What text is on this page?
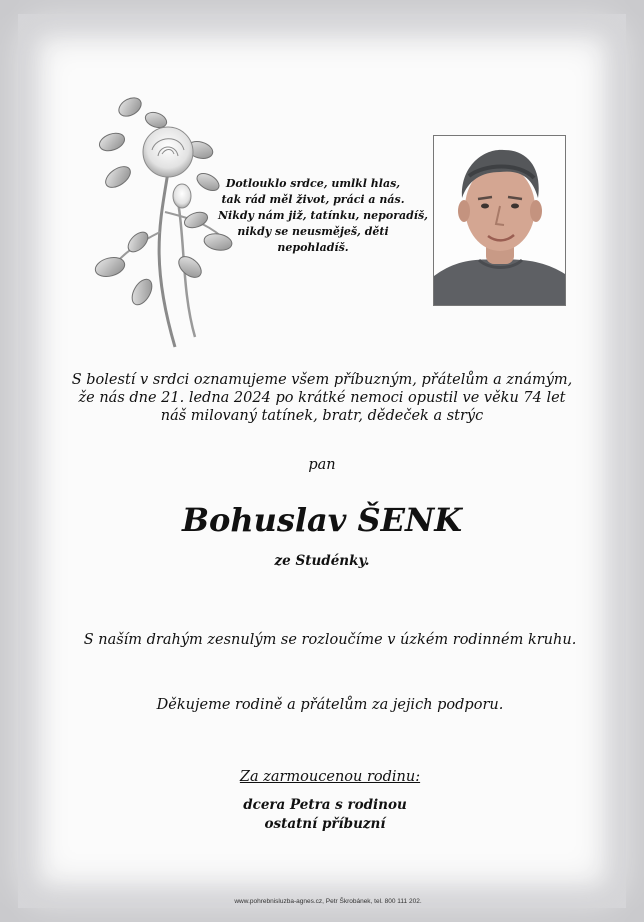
Dotlouklo srdce, umlkl hlas,
tak rád měl život, práci a nás.
Nikdy nám již, tatínku, neporadíš,
nikdy se neusměješ, děti
nepohladíš.
S bolestí v srdci oznamujeme všem příbuzným, přátelům a známým,
že nás dne 21. ledna 2024 po krátké nemoci opustil ve věku 74 let
náš milovaný tatínek, bratr, dědeček a strýc
pan
Bohuslav ŠENK
ze Studénky.
S naším drahým zesnulým se rozloučíme v úzkém rodinném kruhu.
Děkujeme rodině a přátelům za jejich podporu.
Za zarmoucenou rodinu:
dcera Petra s rodinou
ostatní příbuzní
www.pohrebnisluzba-agnes.cz, Petr Škrobánek, tel. 800 111 202.
